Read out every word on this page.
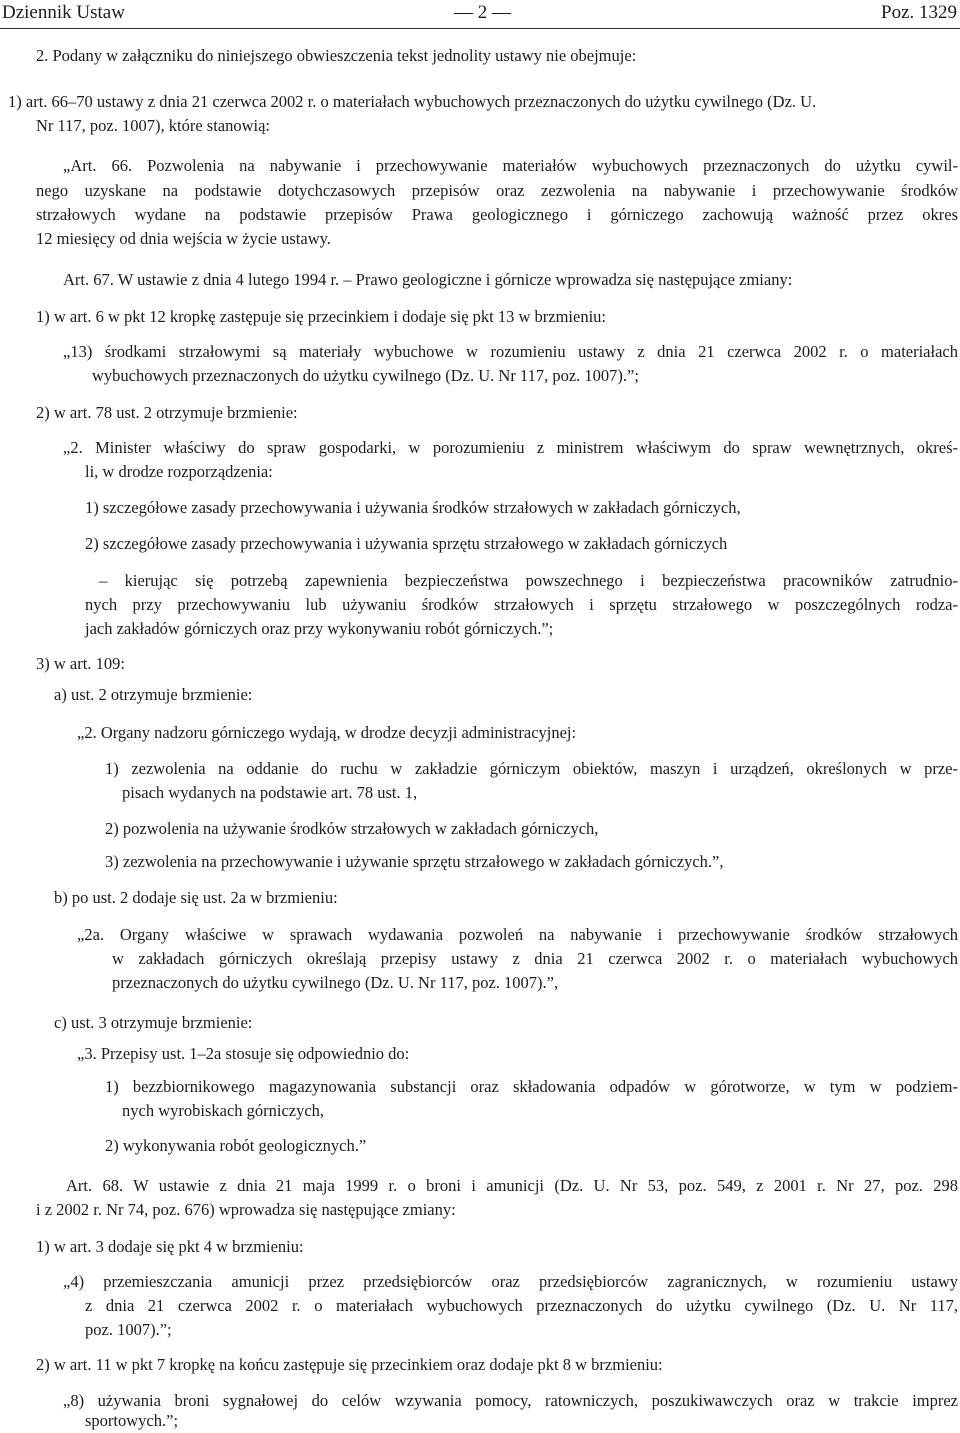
Dziennik Ustaw	— 2 —	Poz. 1329
2. Podany w załączniku do niniejszego obwieszczenia tekst jednolity ustawy nie obejmuje:
1) art. 66–70 ustawy z dnia 21 czerwca 2002 r. o materiałach wybuchowych przeznaczonych do użytku cywilnego (Dz. U.
Nr 117, poz. 1007), które stanowią:
„Art. 66. Pozwolenia na nabywanie i przechowywanie materiałów wybuchowych przeznaczonych do użytku cywil-
nego uzyskane na podstawie dotychczasowych przepisów oraz zezwolenia na nabywanie i przechowywanie środków
strzałowych wydane na podstawie przepisów Prawa geologicznego i górniczego zachowują ważność przez okres
12 miesięcy od dnia wejścia w życie ustawy.
Art. 67. W ustawie z dnia 4 lutego 1994 r. – Prawo geologiczne i górnicze wprowadza się następujące zmiany:
1) w art. 6 w pkt 12 kropkę zastępuje się przecinkiem i dodaje się pkt 13 w brzmieniu:
„13) środkami strzałowymi są materiały wybuchowe w rozumieniu ustawy z dnia 21 czerwca 2002 r. o materiałach
wybuchowych przeznaczonych do użytku cywilnego (Dz. U. Nr 117, poz. 1007).”;
2) w art. 78 ust. 2 otrzymuje brzmienie:
„2. Minister właściwy do spraw gospodarki, w porozumieniu z ministrem właściwym do spraw wewnętrznych, okreś-
li, w drodze rozporządzenia:
1) szczegółowe zasady przechowywania i używania środków strzałowych w zakładach górniczych,
2) szczegółowe zasady przechowywania i używania sprzętu strzałowego w zakładach górniczych
– kierując się potrzebą zapewnienia bezpieczeństwa powszechnego i bezpieczeństwa pracowników zatrudnio-
nych przy przechowywaniu lub używaniu środków strzałowych i sprzętu strzałowego w poszczególnych rodza-
jach zakładów górniczych oraz przy wykonywaniu robót górniczych.”;
3) w art. 109:
a) ust. 2 otrzymuje brzmienie:
„2. Organy nadzoru górniczego wydają, w drodze decyzji administracyjnej:
1) zezwolenia na oddanie do ruchu w zakładzie górniczym obiektów, maszyn i urządzeń, określonych w prze-
pisach wydanych na podstawie art. 78 ust. 1,
2) pozwolenia na używanie środków strzałowych w zakładach górniczych,
3) zezwolenia na przechowywanie i używanie sprzętu strzałowego w zakładach górniczych.”,
b) po ust. 2 dodaje się ust. 2a w brzmieniu:
„2a. Organy właściwe w sprawach wydawania pozwoleń na nabywanie i przechowywanie środków strzałowych
w zakładach górniczych określają przepisy ustawy z dnia 21 czerwca 2002 r. o materiałach wybuchowych
przeznaczonych do użytku cywilnego (Dz. U. Nr 117, poz. 1007).”,
c) ust. 3 otrzymuje brzmienie:
„3. Przepisy ust. 1–2a stosuje się odpowiednio do:
1) bezzbiornikowego magazynowania substancji oraz składowania odpadów w górotworze, w tym w podziem-
nych wyrobiskach górniczych,
2) wykonywania robót geologicznych.”
Art. 68. W ustawie z dnia 21 maja 1999 r. o broni i amunicji (Dz. U. Nr 53, poz. 549, z 2001 r. Nr 27, poz. 298
i z 2002 r. Nr 74, poz. 676) wprowadza się następujące zmiany:
1) w art. 3 dodaje się pkt 4 w brzmieniu:
„4) przemieszczania amunicji przez przedsiębiorców oraz przedsiębiorców zagranicznych, w rozumieniu ustawy
z dnia 21 czerwca 2002 r. o materiałach wybuchowych przeznaczonych do użytku cywilnego (Dz. U. Nr 117,
poz. 1007).”;
2) w art. 11 w pkt 7 kropkę na końcu zastępuje się przecinkiem oraz dodaje pkt 8 w brzmieniu:
„8) używania broni sygnałowej do celów wzywania pomocy, ratowniczych, poszukiwawczych oraz w trakcie imprez
sportowych.”;
